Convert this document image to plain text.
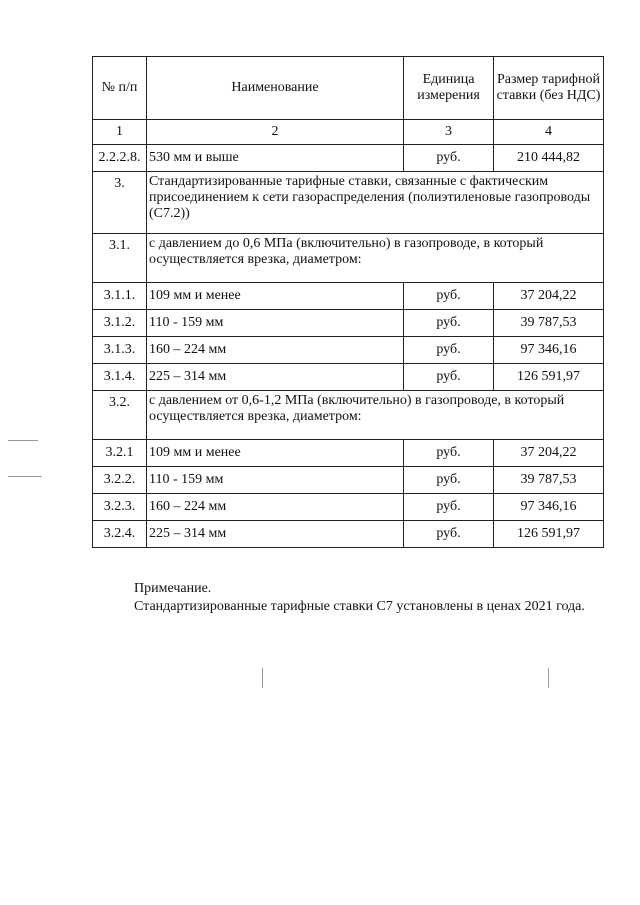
№ п/п	Наименование	Единица измерения	Размер тарифной ставки (без НДС)
1	2	3	4
2.2.2.8.	530 мм и выше	руб.	210 444,82
3.	Стандартизированные тарифные ставки, связанные с фактическим присоединением к сети газораспределения (полиэтиленовые газопроводы (С7.2))		
3.1.	с давлением до 0,6 МПа (включительно) в газопроводе, в который осуществляется врезка, диаметром:		
3.1.1.	109 мм и менее	руб.	37 204,22
3.1.2.	110 - 159 мм	руб.	39 787,53
3.1.3.	160 – 224 мм	руб.	97 346,16
3.1.4.	225 – 314 мм	руб.	126 591,97
3.2.	с давлением от 0,6-1,2 МПа (включительно) в газопроводе, в который осуществляется врезка, диаметром:		
3.2.1	109 мм и менее	руб.	37 204,22
3.2.2.	110 - 159 мм	руб.	39 787,53
3.2.3.	160 – 224 мм	руб.	97 346,16
3.2.4.	225 – 314 мм	руб.	126 591,97
Примечание.
Стандартизированные тарифные ставки С7 установлены в ценах 2021 года.
